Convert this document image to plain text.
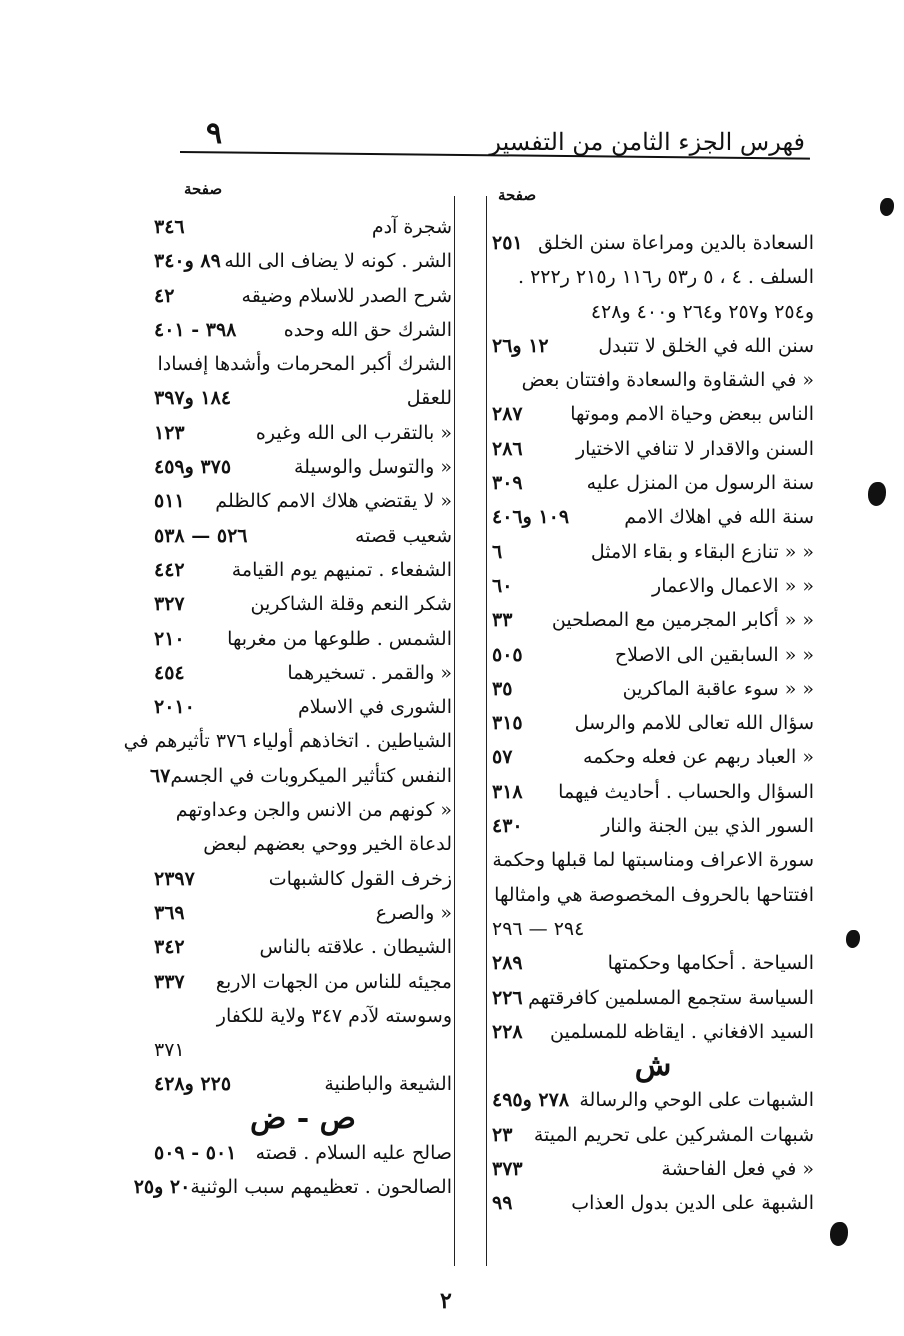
٩	فهرس الجزء الثامن من التفسير
صفحة	صفحة
السعادة بالدين ومراعاة سنن الخلق
٢٥١
السلف . ٤ ، ٥ ر٥٣ ر١١٦ ر٢١٥ ر٢٢٢ .
و٢٥٤ و٢٥٧ و٢٦٤ و٤٠٠ و٤٢٨
سنن الله في الخلق لا تتبدل
١٢ و٢٦
« في الشقاوة والسعادة وافتتان بعض
الناس ببعض وحياة الامم وموتها
٢٨٧
السنن والاقدار لا تنافي الاختيار
٢٨٦
سنة الرسول من المنزل عليه
٣٠٩
سنة الله في اهلاك الامم
١٠٩ و٤٠٦
« « تنازع البقاء و بقاء الامثل
٦
« « الاعمال والاعمار
٦٠
« « أكابر المجرمين مع المصلحين
٣٣
« « السابقين الى الاصلاح
٥٠٥
« « سوء عاقبة الماكرين
٣٥
سؤال الله تعالى للامم والرسل
٣١٥
« العباد ربهم عن فعله وحكمه
٥٧
السؤال والحساب . أحاديث فيهما
٣١٨
السور الذي بين الجنة والنار
٤٣٠
سورة الاعراف ومناسبتها لما قبلها وحكمة
افتتاحها بالحروف المخصوصة هي وامثالها
٢٩٤ — ٢٩٦
السياحة . أحكامها وحكمتها
٢٨٩
السياسة ستجمع المسلمين كافرقتهم
٢٢٦
السيد الافغاني . ايقاظه للمسلمين
٢٢٨
ش
الشبهات على الوحي والرسالة
٢٧٨ و٤٩٥
شبهات المشركين على تحريم الميتة
٢٣
« في فعل الفاحشة
٣٧٣
الشبهة على الدين بدول العذاب
٩٩
شجرة آدم
٣٤٦
الشر . كونه لا يضاف الى الله
٨٩ و٣٤٠
شرح الصدر للاسلام وضيقه
٤٢
الشرك حق الله وحده
٣٩٨ - ٤٠١
الشرك أكبر المحرمات وأشدها إفسادا
للعقل
١٨٤ و٣٩٧
« بالتقرب الى الله وغيره
١٢٣
« والتوسل والوسيلة
٣٧٥ و٤٥٩
« لا يقتضي هلاك الامم كالظلم
٥١١
شعيب قصته
٥٢٦ — ٥٣٨
الشفعاء . تمنيهم يوم القيامة
٤٤٢
شكر النعم وقلة الشاكرين
٣٢٧
الشمس . طلوعها من مغربها
٢١٠
« والقمر . تسخيرهما
٤٥٤
الشورى في الاسلام
٢٠١٠
الشياطين . اتخاذهم أولياء ٣٧٦ تأثيرهم في
النفس كتأثير الميكروبات في الجسم
٦٧
« كونهم من الانس والجن وعداوتهم
لدعاة الخير ووحي بعضهم لبعض
زخرف القول كالشبهات
٢٣٩٧
« والصرع
٣٦٩
الشيطان . علاقته بالناس
٣٤٢
مجيئه للناس من الجهات الاربع
٣٣٧
وسوسته لآدم ٣٤٧ ولاية للكفار
٣٧١
الشيعة والباطنية
٢٢٥ و٤٢٨
ص - ض
صالح عليه السلام . قصته
٥٠١ - ٥٠٩
الصالحون . تعظيمهم سبب الوثنية
٢٠ و٢٥
٢
